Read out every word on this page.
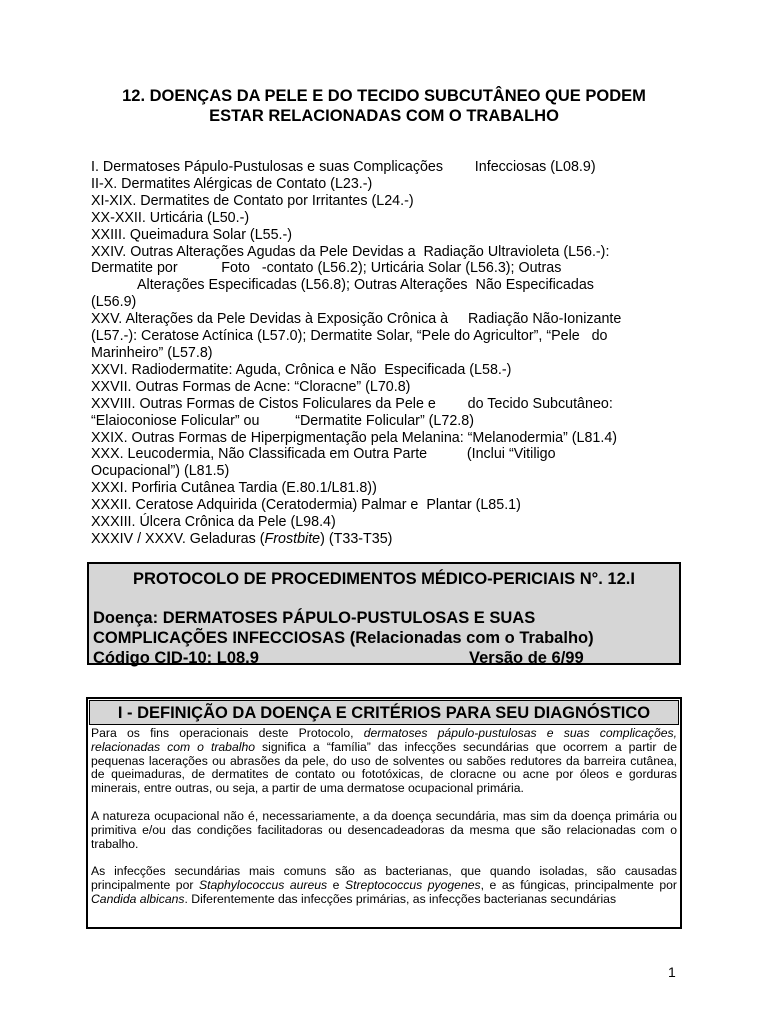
12. DOENÇAS DA PELE E DO TECIDO SUBCUTÂNEO QUE PODEM
ESTAR RELACIONADAS COM O TRABALHO
I. Dermatoses Pápulo-Pustulosas e suas Complicações        Infecciosas (L08.9)
II-X. Dermatites Alérgicas de Contato (L23.-)
XI-XIX. Dermatites de Contato por Irritantes (L24.-)
XX-XXII. Urticária (L50.-)
XXIII. Queimadura Solar (L55.-)
XXIV. Outras Alterações Agudas da Pele Devidas a  Radiação Ultravioleta (L56.-):
Dermatite por           Foto   -contato (L56.2); Urticária Solar (L56.3); Outras
Alterações Especificadas (L56.8); Outras Alterações  Não Especificadas
(L56.9)
XXV. Alterações da Pele Devidas à Exposição Crônica à     Radiação Não-Ionizante
(L57.-): Ceratose Actínica (L57.0); Dermatite Solar, “Pele do Agricultor”, “Pele   do
Marinheiro” (L57.8)
XXVI. Radiodermatite: Aguda, Crônica e Não  Especificada (L58.-)
XXVII. Outras Formas de Acne: “Cloracne” (L70.8)
XXVIII. Outras Formas de Cistos Foliculares da Pele e        do Tecido Subcutâneo:
“Elaioconiose Folicular” ou         “Dermatite Folicular” (L72.8)
XXIX. Outras Formas de Hiperpigmentação pela Melanina: “Melanodermia” (L81.4)
XXX. Leucodermia, Não Classificada em Outra Parte          (Inclui “Vitiligo
Ocupacional”) (L81.5)
XXXI. Porfiria Cutânea Tardia (E.80.1/L81.8))
XXXII. Ceratose Adquirida (Ceratodermia) Palmar e  Plantar (L85.1)
XXXIII. Úlcera Crônica da Pele (L98.4)
XXXIV / XXXV. Geladuras (Frostbite) (T33-T35)
PROTOCOLO DE PROCEDIMENTOS MÉDICO-PERICIAIS N°. 12.I
Doença: DERMATOSES PÁPULO-PUSTULOSAS E SUAS
COMPLICAÇÕES INFECCIOSAS (Relacionadas com o Trabalho)
Código CID-10: L08.9	Versão de 6/99
I - DEFINIÇÃO DA DOENÇA E CRITÉRIOS PARA SEU DIAGNÓSTICO

Para os fins operacionais deste Protocolo, dermatoses pápulo-pustulosas e suas complicações, relacionadas com o trabalho significa a “família” das infecções secundárias que ocorrem a partir de pequenas lacerações ou abrasões da pele, do uso de solventes ou sabões redutores da barreira cutânea, de queimaduras, de dermatites de contato ou fototóxicas, de cloracne ou acne por óleos e gorduras minerais, entre outras, ou seja, a partir de uma dermatose ocupacional primária.

A natureza ocupacional não é, necessariamente, a da doença secundária, mas sim da doença primária ou primitiva e/ou das condições facilitadoras ou desencadeadoras da mesma que são relacionadas com o trabalho.

As infecções secundárias mais comuns são as bacterianas, que quando isoladas, são causadas principalmente por Staphylococcus aureus e Streptococcus pyogenes, e as fúngicas, principalmente por Candida albicans. Diferentemente das infecções primárias, as infecções bacterianas secundárias

1
